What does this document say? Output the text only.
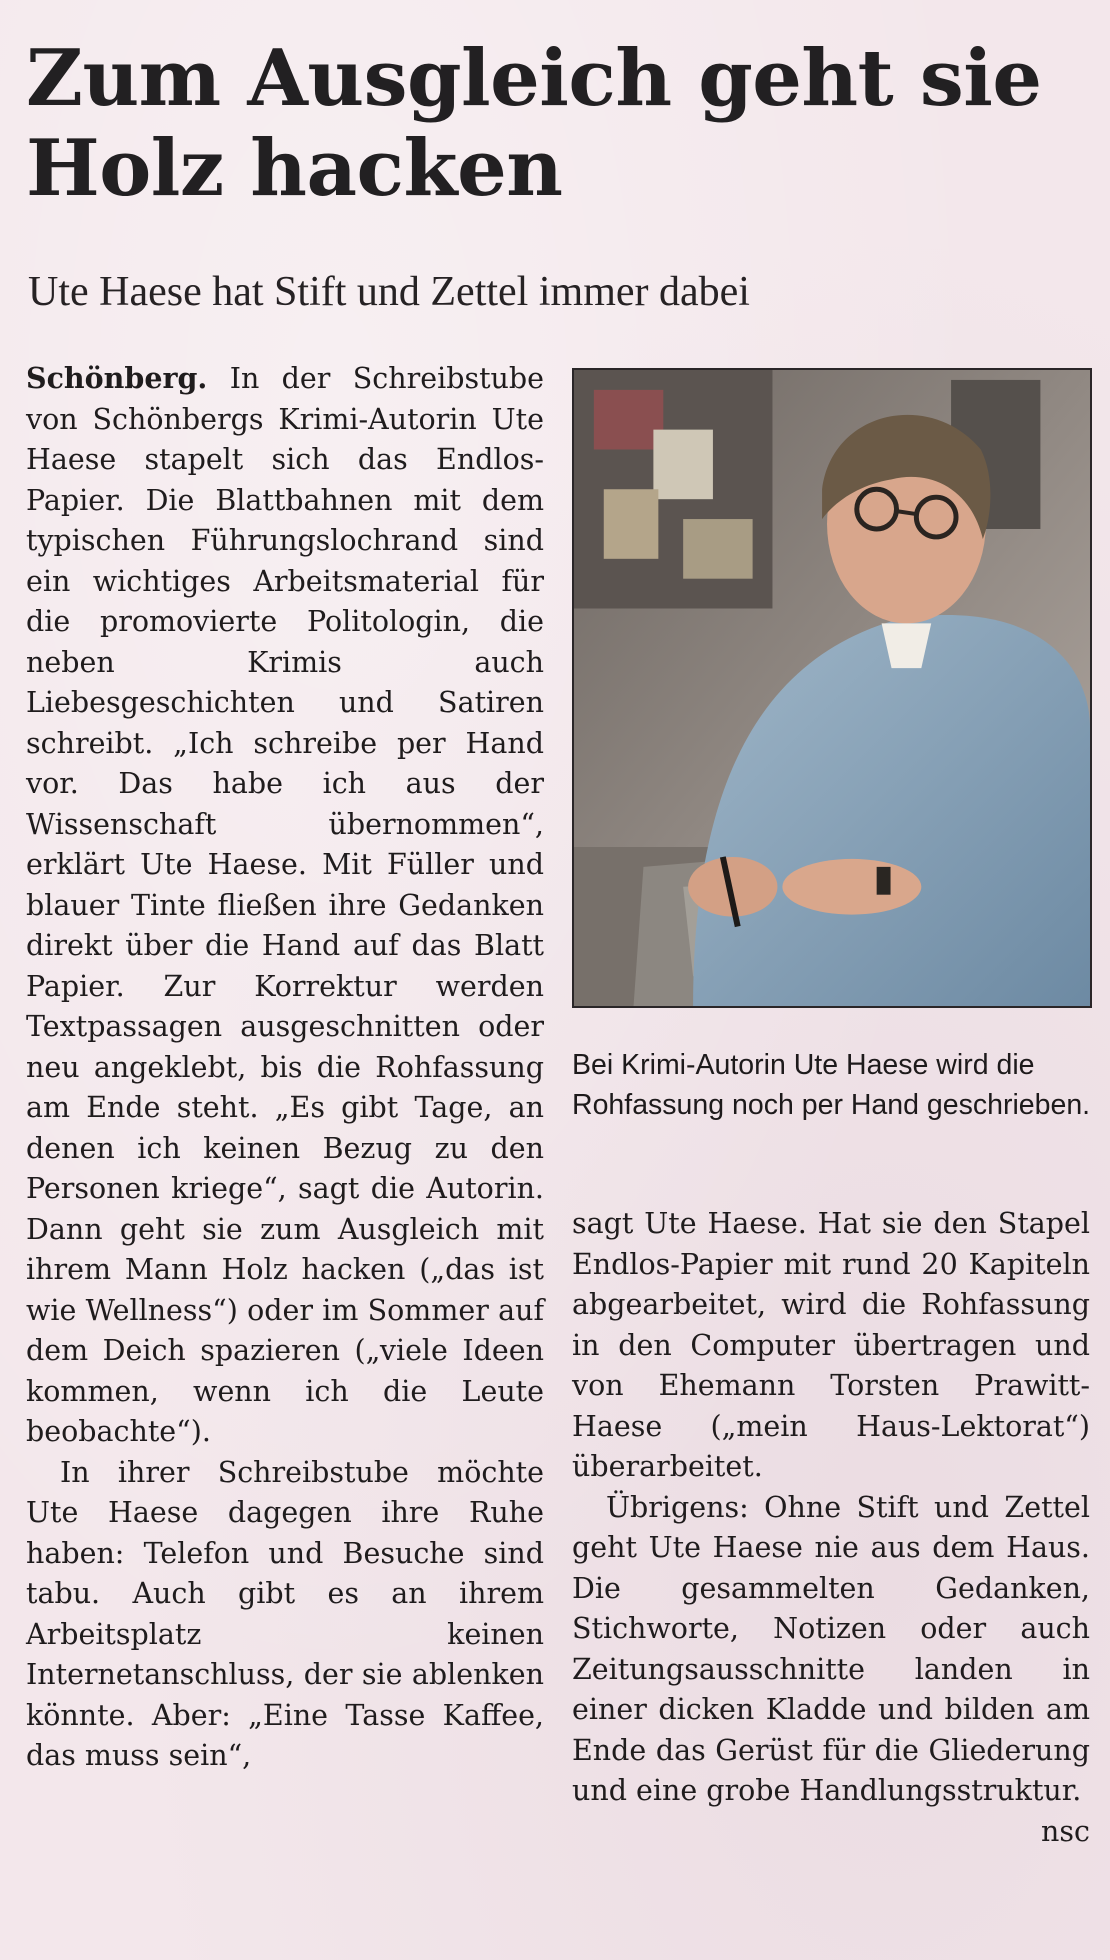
Zum Ausgleich geht sie Holz hacken
Ute Haese hat Stift und Zettel immer dabei

Schönberg. In der Schreibstube von Schönbergs Krimi-Autorin Ute Haese stapelt sich das Endlos-Papier. Die Blattbahnen mit dem typischen Führungslochrand sind ein wichtiges Arbeitsmaterial für die promovierte Politologin, die neben Krimis auch Liebesgeschichten und Satiren schreibt. „Ich schreibe per Hand vor. Das habe ich aus der Wissenschaft übernommen“, erklärt Ute Haese. Mit Füller und blauer Tinte fließen ihre Gedanken direkt über die Hand auf das Blatt Papier. Zur Korrektur werden Textpassagen ausgeschnitten oder neu angeklebt, bis die Rohfassung am Ende steht. „Es gibt Tage, an denen ich keinen Bezug zu den Personen kriege“, sagt die Autorin. Dann geht sie zum Ausgleich mit ihrem Mann Holz hacken („das ist wie Wellness“) oder im Sommer auf dem Deich spazieren („viele Ideen kommen, wenn ich die Leute beobachte“).

In ihrer Schreibstube möchte Ute Haese dagegen ihre Ruhe haben: Telefon und Besuche sind tabu. Auch gibt es an ihrem Arbeitsplatz keinen Internetanschluss, der sie ablenken könnte. Aber: „Eine Tasse Kaffee, das muss sein“,

Bei Krimi-Autorin Ute Haese wird die Rohfassung noch per Hand geschrieben.

sagt Ute Haese. Hat sie den Stapel Endlos-Papier mit rund 20 Kapiteln abgearbeitet, wird die Rohfassung in den Computer übertragen und von Ehemann Torsten Prawitt-Haese („mein Haus-Lektorat“) überarbeitet.

Übrigens: Ohne Stift und Zettel geht Ute Haese nie aus dem Haus. Die gesammelten Gedanken, Stichworte, Notizen oder auch Zeitungsausschnitte landen in einer dicken Kladde und bilden am Ende das Gerüst für die Gliederung und eine grobe Handlungsstruktur.
nsc
